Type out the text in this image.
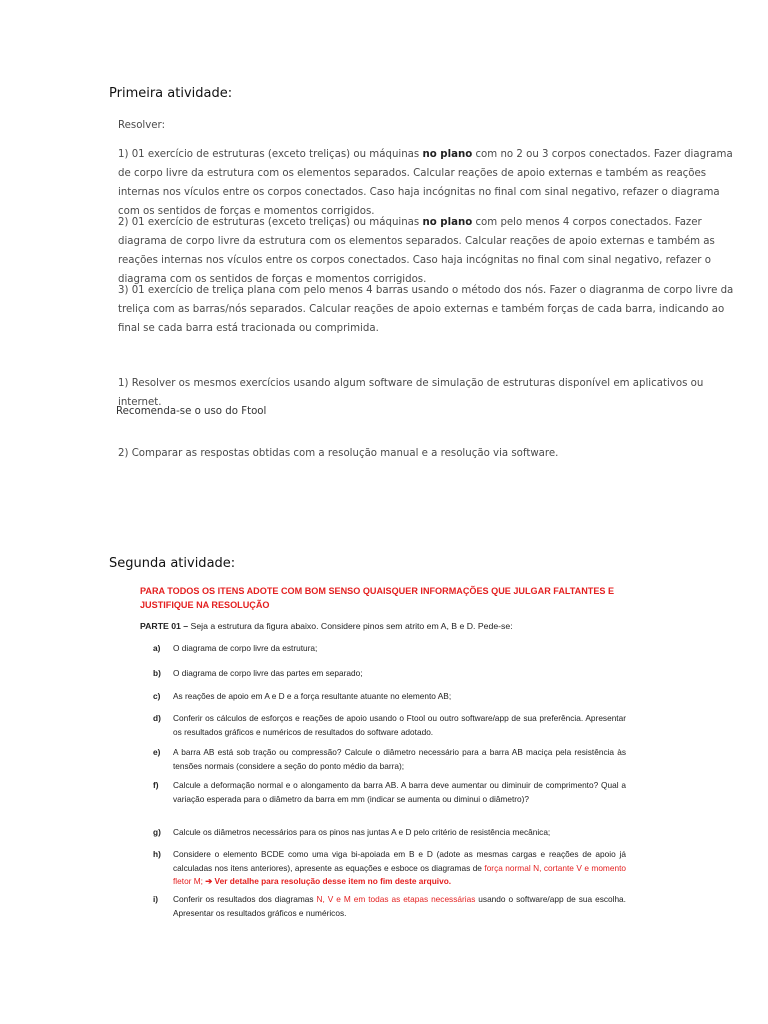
Primeira atividade:
Resolver:
1) 01 exercício de estruturas (exceto treliças) ou máquinas no plano com no 2 ou 3 corpos conectados. Fazer diagrama de corpo livre da estrutura com os elementos separados. Calcular reações de apoio externas e também as reações internas nos vículos entre os corpos conectados. Caso haja incógnitas no final com sinal negativo, refazer o diagrama com os sentidos de forças e momentos corrigidos.
2) 01 exercício de estruturas (exceto treliças) ou máquinas no plano com pelo menos 4 corpos conectados. Fazer diagrama de corpo livre da estrutura com os elementos separados. Calcular reações de apoio externas e também as reações internas nos vículos entre os corpos conectados. Caso haja incógnitas no final com sinal negativo, refazer o diagrama com os sentidos de forças e momentos corrigidos.
3) 01 exercício de treliça plana com pelo menos 4 barras usando o método dos nós. Fazer o diagranma de corpo livre da treliça com as barras/nós separados. Calcular reações de apoio externas e também forças de cada barra, indicando ao final se cada barra está tracionada ou comprimida.
1) Resolver os mesmos exercícios usando algum software de simulação de estruturas disponível em aplicativos ou internet.
Recomenda-se o uso do Ftool
2) Comparar as respostas obtidas com a resolução manual e a resolução via software.
Segunda atividade:
PARA TODOS OS ITENS ADOTE COM BOM SENSO QUAISQUER INFORMAÇÕES QUE JULGAR FALTANTES E JUSTIFIQUE NA RESOLUÇÃO
PARTE 01 – Seja a estrutura da figura abaixo. Considere pinos sem atrito em A, B e D. Pede-se:
a) O diagrama de corpo livre da estrutura;
b) O diagrama de corpo livre das partes em separado;
c) As reações de apoio em A e D e a força resultante atuante no elemento AB;
d) Conferir os cálculos de esforços e reações de apoio usando o Ftool ou outro software/app de sua preferência. Apresentar os resultados gráficos e numéricos de resultados do software adotado.
e) A barra AB está sob tração ou compressão? Calcule o diâmetro necessário para a barra AB maciça pela resistência às tensões normais (considere a seção do ponto médio da barra);
f) Calcule a deformação normal e o alongamento da barra AB. A barra deve aumentar ou diminuir de comprimento? Qual a variação esperada para o diâmetro da barra em mm (indicar se aumenta ou diminui o diâmetro)?
g) Calcule os diâmetros necessários para os pinos nas juntas A e D pelo critério de resistência mecânica;
h) Considere o elemento BCDE como uma viga bi-apoiada em B e D (adote as mesmas cargas e reações de apoio já calculadas nos itens anteriores), apresente as equações e esboce os diagramas de força normal N, cortante V e momento fletor M; ➔ Ver detalhe para resolução desse item no fim deste arquivo.
i) Conferir os resultados dos diagramas N, V e M em todas as etapas necessárias usando o software/app de sua escolha. Apresentar os resultados gráficos e numéricos.
